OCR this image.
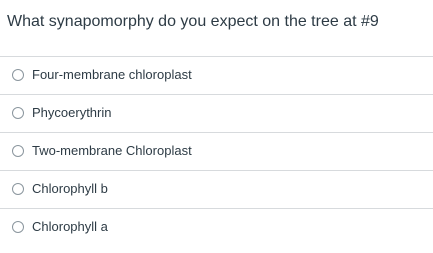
What synapomorphy do you expect on the tree at #9
Four-membrane chloroplast
Phycoerythrin
Two-membrane Chloroplast
Chlorophyll b
Chlorophyll a
